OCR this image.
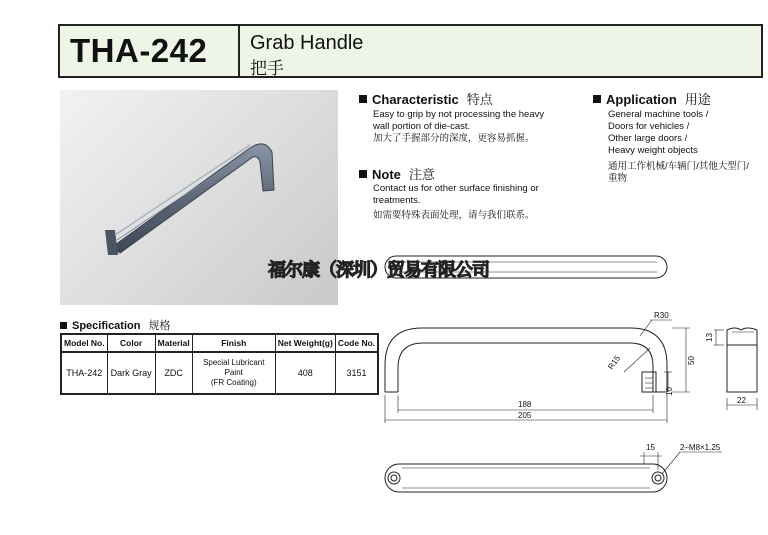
THA-242 Grab Handle
把手
Characteristic 特点
Easy to grip by not processing the heavy
wall portion of die-cast.
加大了手握部分的深度，更容易抓握。
Note 注意
Contact us for other surface finishing or
treatments.
如需要特殊表面处理，请与我们联系。
Application 用途
General machine tools /
Doors for vehicles /
Other large doors /
Heavy weight objects
通用工作机械/车辆门/其他大型门/
重物
R30
R15	50
10
188
205
13
22
15	2–M8×1.25
福尔康（深圳）贸易有限公司
Specification 规格
Model No.	Color	Material	Finish	Net Weight(g)	Code No.
THA-242	Dark Gray	ZDC	Special Lubricant Paint
(FR Coating)	408	3151
